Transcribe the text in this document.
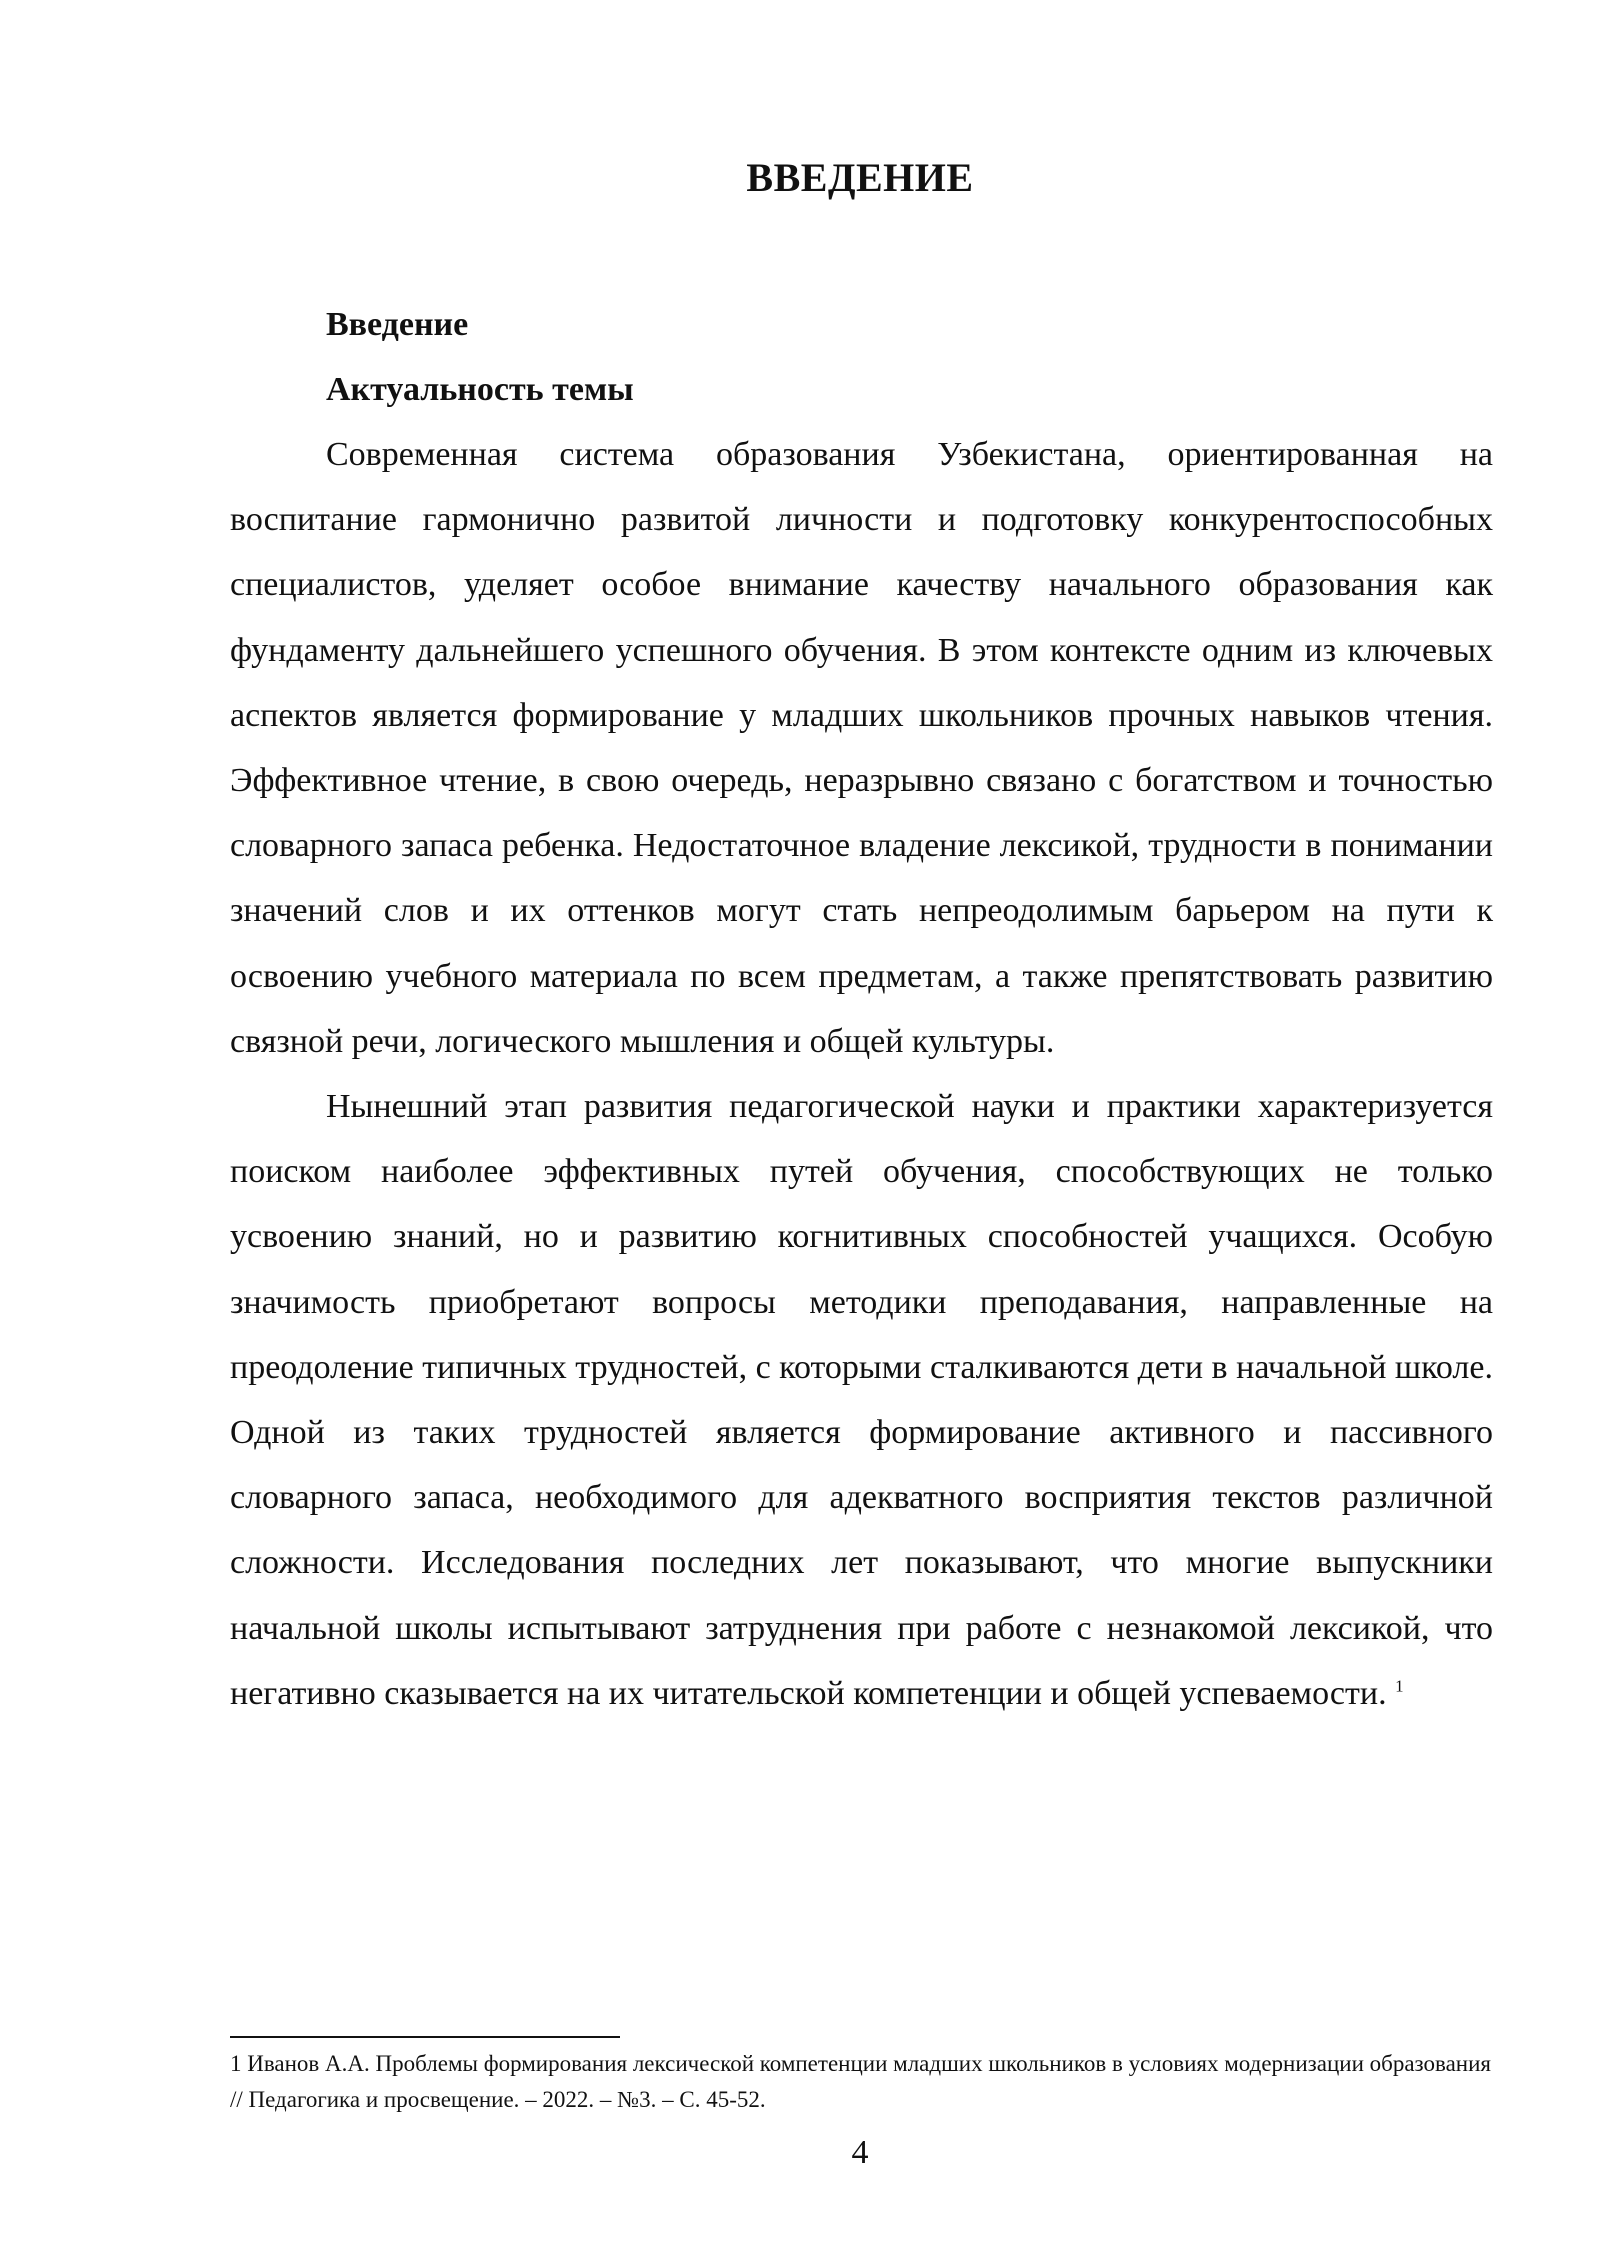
ВВЕДЕНИЕ

Введение

Актуальность темы

Современная система образования Узбекистана, ориентированная на воспитание гармонично развитой личности и подготовку конкурентоспособных специалистов, уделяет особое внимание качеству начального образования как фундаменту дальнейшего успешного обучения. В этом контексте одним из ключевых аспектов является формирование у младших школьников прочных навыков чтения. Эффективное чтение, в свою очередь, неразрывно связано с богатством и точностью словарного запаса ребенка. Недостаточное владение лексикой, трудности в понимании значений слов и их оттенков могут стать непреодолимым барьером на пути к освоению учебного материала по всем предметам, а также препятствовать развитию связной речи, логического мышления и общей культуры.

Нынешний этап развития педагогической науки и практики характеризуется поиском наиболее эффективных путей обучения, способствующих не только усвоению знаний, но и развитию когнитивных способностей учащихся. Особую значимость приобретают вопросы методики преподавания, направленные на преодоление типичных трудностей, с которыми сталкиваются дети в начальной школе. Одной из таких трудностей является формирование активного и пассивного словарного запаса, необходимого для адекватного восприятия текстов различной сложности. Исследования последних лет показывают, что многие выпускники начальной школы испытывают затруднения при работе с незнакомой лексикой, что негативно сказывается на их читательской компетенции и общей успеваемости. $^1$

1 Иванов А.А. Проблемы формирования лексической компетенции младших школьников в условиях модернизации образования // Педагогика и просвещение. – 2022. – №3. – С. 45-52.
4
